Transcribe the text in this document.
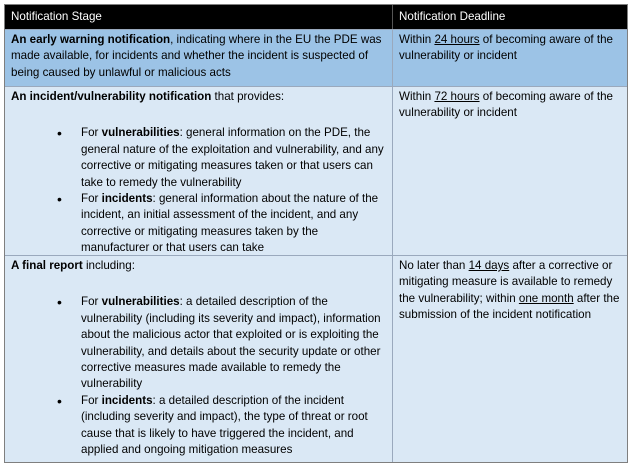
Notification Stage	Notification Deadline
An early warning notification, indicating where in the EU the PDE was made available, for incidents and whether the incident is suspected of being caused by unlawful or malicious acts
Within 24 hours of becoming aware of the vulnerability or incident
An incident/vulnerability notification that provides:
• For vulnerabilities: general information on the PDE, the general nature of the exploitation and vulnerability, and any corrective or mitigating measures taken or that users can take to remedy the vulnerability
• For incidents: general information about the nature of the incident, an initial assessment of the incident, and any corrective or mitigating measures taken by the manufacturer or that users can take
Within 72 hours of becoming aware of the vulnerability or incident
A final report including:
• For vulnerabilities: a detailed description of the vulnerability (including its severity and impact), information about the malicious actor that exploited or is exploiting the vulnerability, and details about the security update or other corrective measures made available to remedy the vulnerability
• For incidents: a detailed description of the incident (including severity and impact), the type of threat or root cause that is likely to have triggered the incident, and applied and ongoing mitigation measures
No later than 14 days after a corrective or mitigating measure is available to remedy the vulnerability; within one month after the submission of the incident notification
